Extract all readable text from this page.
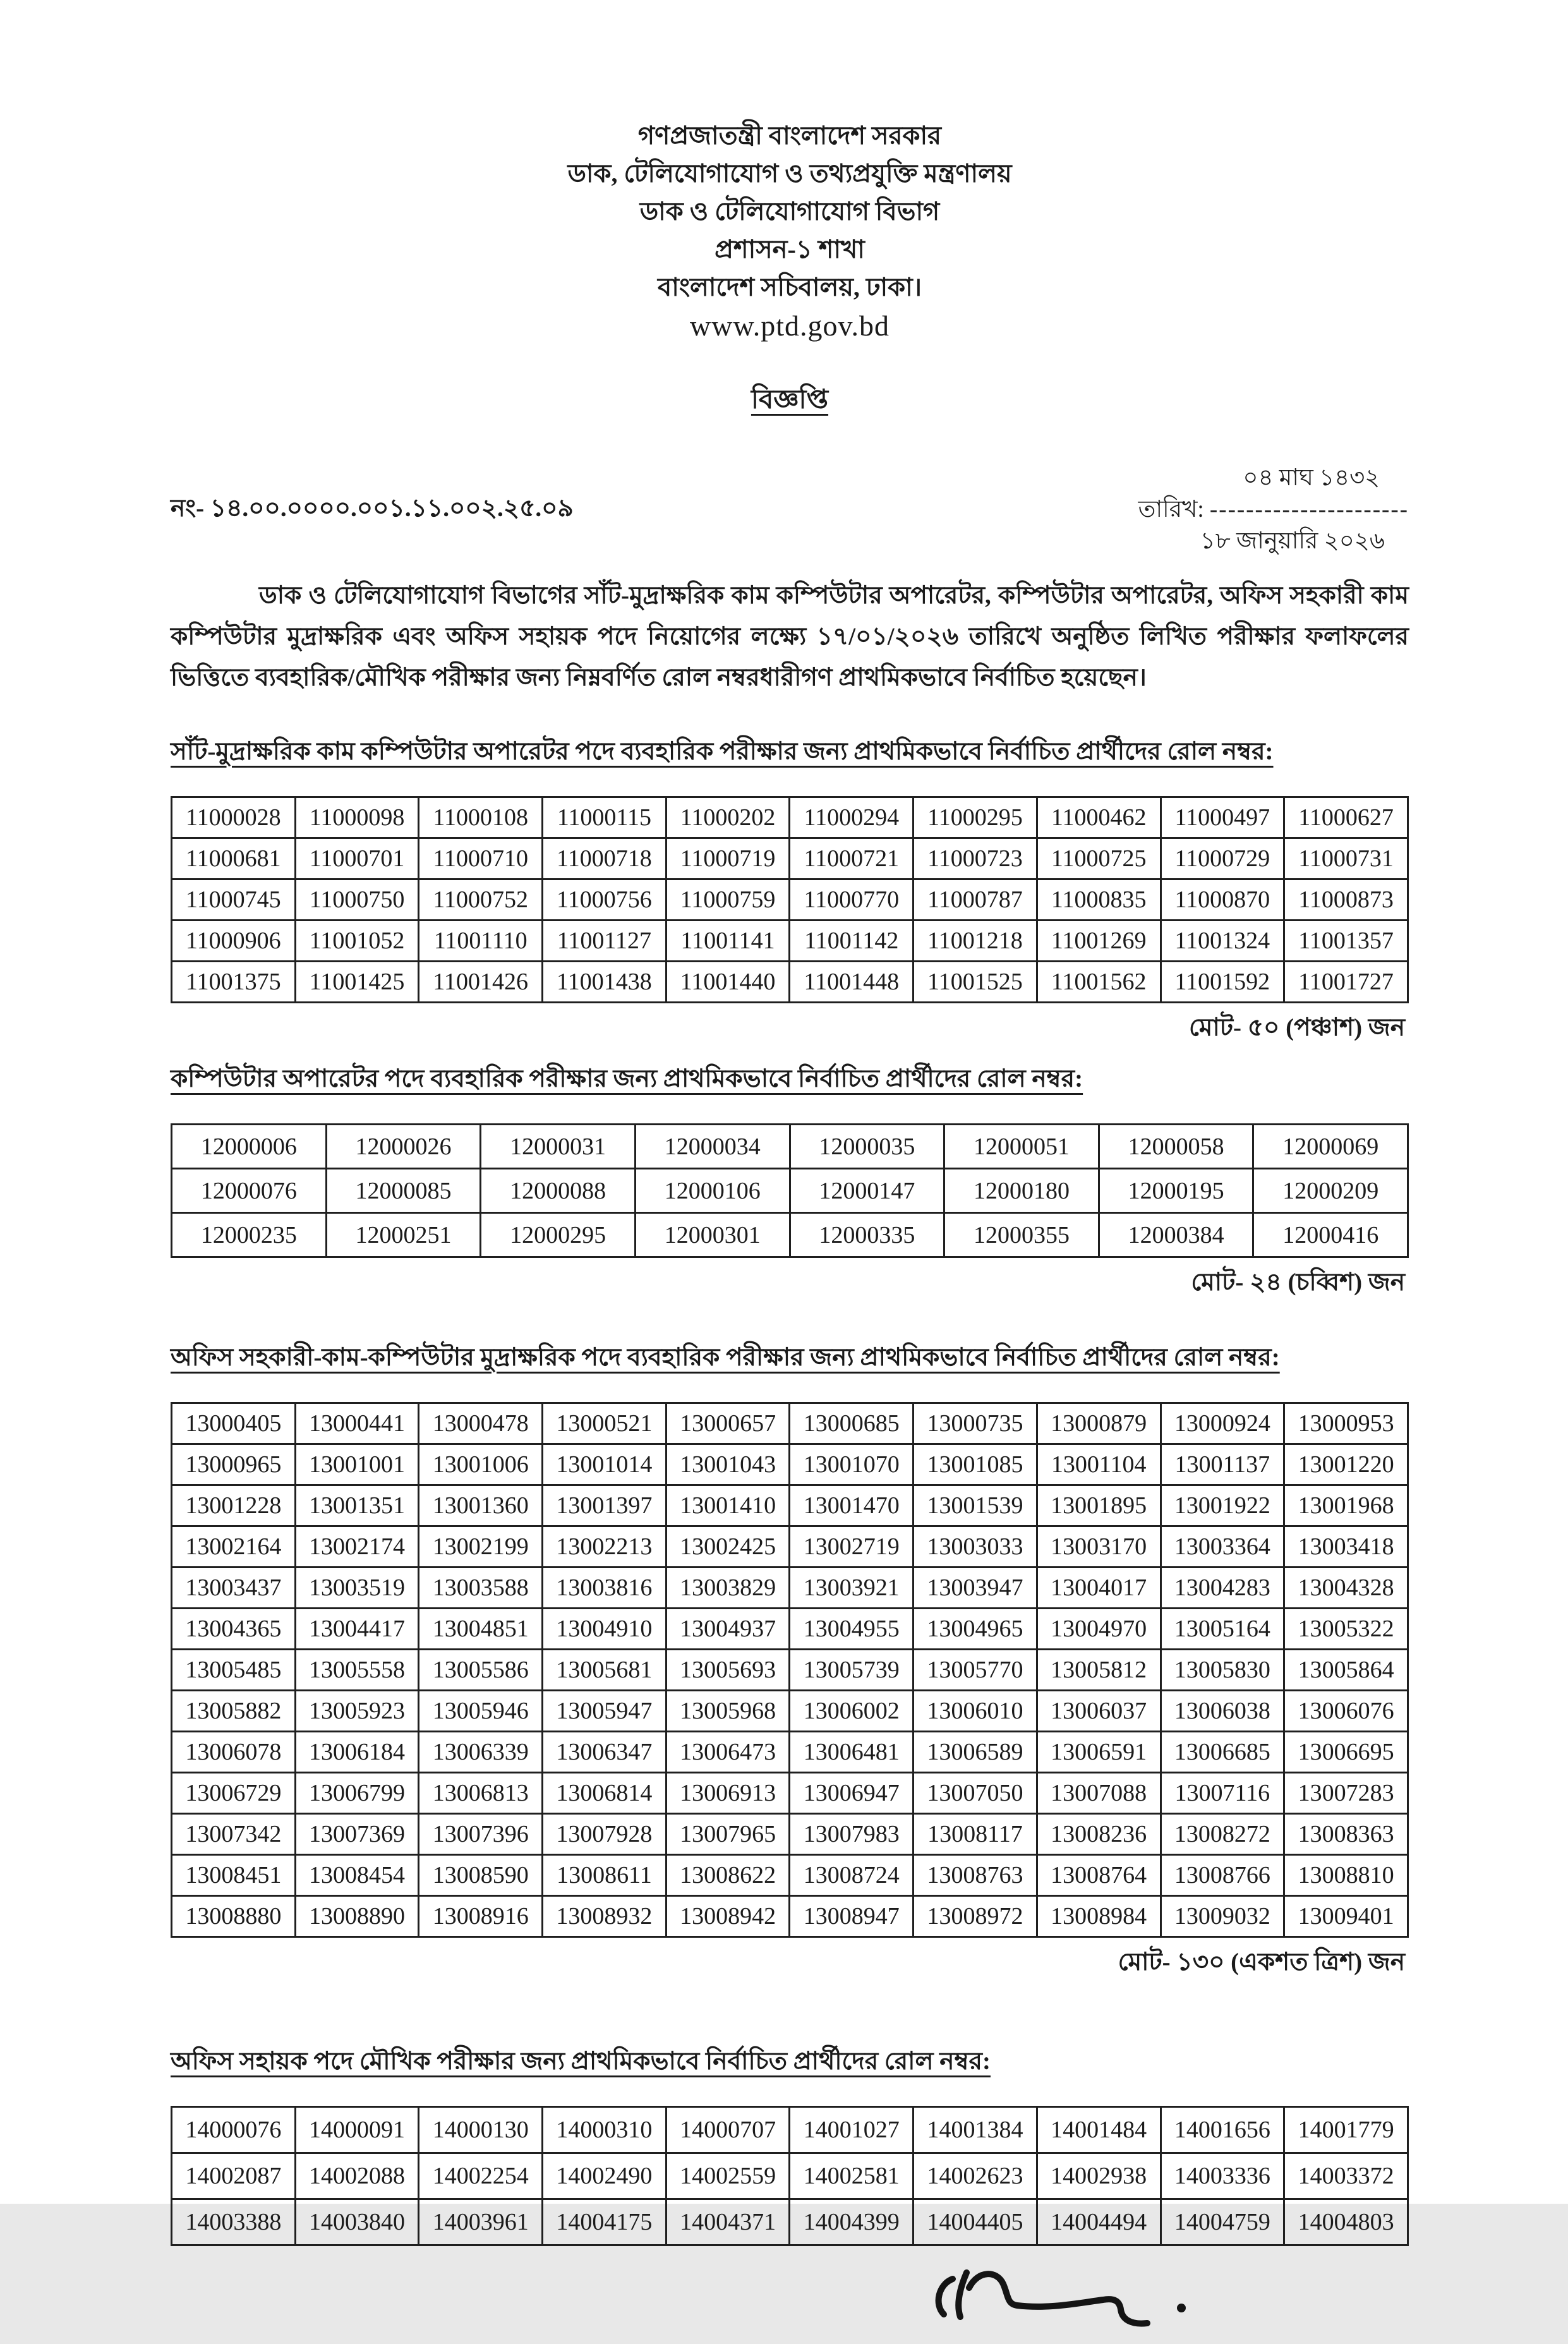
গণপ্রজাতন্ত্রী বাংলাদেশ সরকার
ডাক, টেলিযোগাযোগ ও তথ্যপ্রযুক্তি মন্ত্রণালয়
ডাক ও টেলিযোগাযোগ বিভাগ
প্রশাসন-১ শাখা
বাংলাদেশ সচিবালয়, ঢাকা।
www.ptd.gov.bd
বিজ্ঞপ্তি
নং- ১৪.০০.০০০০.০০১.১১.০০২.২৫.০৯
০৪ মাঘ ১৪৩২
তারিখ: ----------------------
১৮ জানুয়ারি ২০২৬

ডাক ও টেলিযোগাযোগ বিভাগের সাঁট-মুদ্রাক্ষরিক কাম কম্পিউটার অপারেটর, কম্পিউটার অপারেটর, অফিস সহকারী কাম কম্পিউটার মুদ্রাক্ষরিক এবং অফিস সহায়ক পদে নিয়োগের লক্ষ্যে ১৭/০১/২০২৬ তারিখে অনুষ্ঠিত লিখিত পরীক্ষার ফলাফলের ভিত্তিতে ব্যবহারিক/মৌখিক পরীক্ষার জন্য নিম্নবর্ণিত রোল নম্বরধারীগণ প্রাথমিকভাবে নির্বাচিত হয়েছেন।

সাঁট-মুদ্রাক্ষরিক কাম কম্পিউটার অপারেটর পদে ব্যবহারিক পরীক্ষার জন্য প্রাথমিকভাবে নির্বাচিত প্রার্থীদের রোল নম্বর:
11000028	11000098	11000108	11000115	11000202	11000294	11000295	11000462	11000497	11000627
11000681	11000701	11000710	11000718	11000719	11000721	11000723	11000725	11000729	11000731
11000745	11000750	11000752	11000756	11000759	11000770	11000787	11000835	11000870	11000873
11000906	11001052	11001110	11001127	11001141	11001142	11001218	11001269	11001324	11001357
11001375	11001425	11001426	11001438	11001440	11001448	11001525	11001562	11001592	11001727
মোট- ৫০ (পঞ্চাশ) জন
কম্পিউটার অপারেটর পদে ব্যবহারিক পরীক্ষার জন্য প্রাথমিকভাবে নির্বাচিত প্রার্থীদের রোল নম্বর:
12000006	12000026	12000031	12000034	12000035	12000051	12000058	12000069
12000076	12000085	12000088	12000106	12000147	12000180	12000195	12000209
12000235	12000251	12000295	12000301	12000335	12000355	12000384	12000416
মোট- ২৪ (চব্বিশ) জন
অফিস সহকারী-কাম-কম্পিউটার মুদ্রাক্ষরিক পদে ব্যবহারিক পরীক্ষার জন্য প্রাথমিকভাবে নির্বাচিত প্রার্থীদের রোল নম্বর:
13000405	13000441	13000478	13000521	13000657	13000685	13000735	13000879	13000924	13000953
13000965	13001001	13001006	13001014	13001043	13001070	13001085	13001104	13001137	13001220
13001228	13001351	13001360	13001397	13001410	13001470	13001539	13001895	13001922	13001968
13002164	13002174	13002199	13002213	13002425	13002719	13003033	13003170	13003364	13003418
13003437	13003519	13003588	13003816	13003829	13003921	13003947	13004017	13004283	13004328
13004365	13004417	13004851	13004910	13004937	13004955	13004965	13004970	13005164	13005322
13005485	13005558	13005586	13005681	13005693	13005739	13005770	13005812	13005830	13005864
13005882	13005923	13005946	13005947	13005968	13006002	13006010	13006037	13006038	13006076
13006078	13006184	13006339	13006347	13006473	13006481	13006589	13006591	13006685	13006695
13006729	13006799	13006813	13006814	13006913	13006947	13007050	13007088	13007116	13007283
13007342	13007369	13007396	13007928	13007965	13007983	13008117	13008236	13008272	13008363
13008451	13008454	13008590	13008611	13008622	13008724	13008763	13008764	13008766	13008810
13008880	13008890	13008916	13008932	13008942	13008947	13008972	13008984	13009032	13009401
মোট- ১৩০ (একশত ত্রিশ) জন
অফিস সহায়ক পদে মৌখিক পরীক্ষার জন্য প্রাথমিকভাবে নির্বাচিত প্রার্থীদের রোল নম্বর:
14000076	14000091	14000130	14000310	14000707	14001027	14001384	14001484	14001656	14001779
14002087	14002088	14002254	14002490	14002559	14002581	14002623	14002938	14003336	14003372
14003388	14003840	14003961	14004175	14004371	14004399	14004405	14004494	14004759	14004803
